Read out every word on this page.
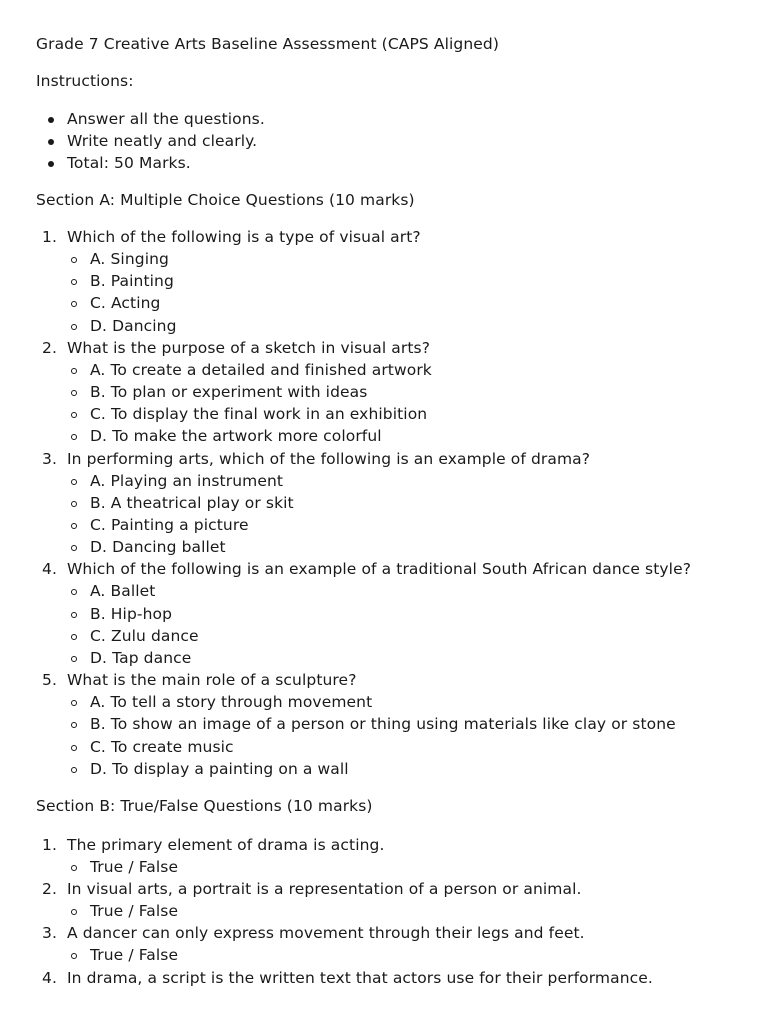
Grade 7 Creative Arts Baseline Assessment (CAPS Aligned)

Instructions:

Answer all the questions.
Write neatly and clearly.
Total: 50 Marks.

Section A: Multiple Choice Questions (10 marks)

1. Which of the following is a type of visual art?
A. Singing
B. Painting
C. Acting
D. Dancing
2. What is the purpose of a sketch in visual arts?
A. To create a detailed and finished artwork
B. To plan or experiment with ideas
C. To display the final work in an exhibition
D. To make the artwork more colorful
3. In performing arts, which of the following is an example of drama?
A. Playing an instrument
B. A theatrical play or skit
C. Painting a picture
D. Dancing ballet
4. Which of the following is an example of a traditional South African dance style?
A. Ballet
B. Hip-hop
C. Zulu dance
D. Tap dance
5. What is the main role of a sculpture?
A. To tell a story through movement
B. To show an image of a person or thing using materials like clay or stone
C. To create music
D. To display a painting on a wall

Section B: True/False Questions (10 marks)

1. The primary element of drama is acting.
True / False
2. In visual arts, a portrait is a representation of a person or animal.
True / False
3. A dancer can only express movement through their legs and feet.
True / False
4. In drama, a script is the written text that actors use for their performance.
